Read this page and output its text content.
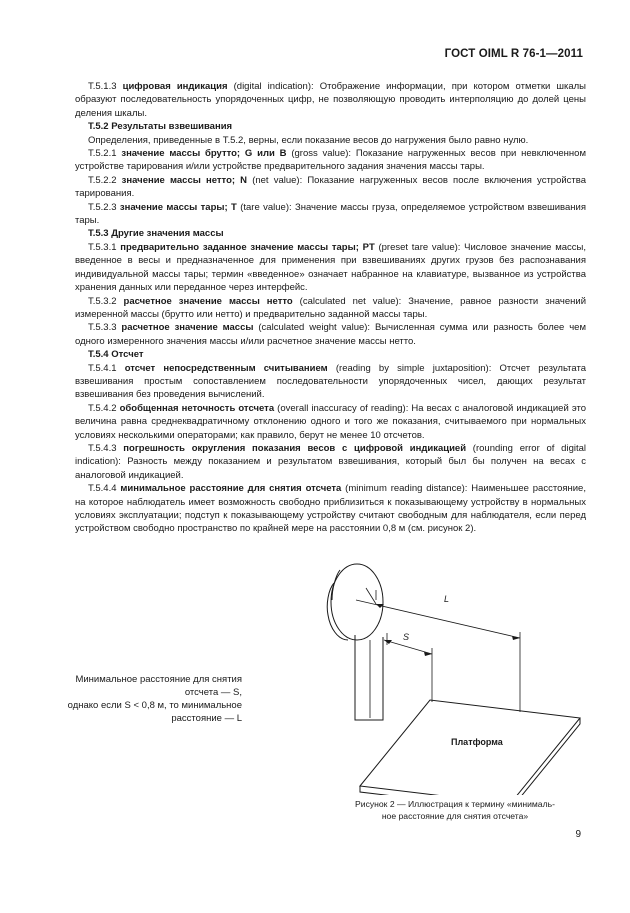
ГОСТ OIML R 76-1—2011

T.5.1.3 цифровая индикация (digital indication): Отображение информации, при котором отметки шкалы образуют последовательность упорядоченных цифр, не позволяющую проводить интерполяцию до долей цены деления шкалы.

T.5.2 Результаты взвешивания

Определения, приведенные в T.5.2, верны, если показание весов до нагружения было равно нулю.

T.5.2.1 значение массы брутто; G или B (gross value): Показание нагруженных весов при невключенном устройстве тарирования и/или устройстве предварительного задания значения массы тары.

T.5.2.2 значение массы нетто; N (net value): Показание нагруженных весов после включения устройства тарирования.

T.5.2.3 значение массы тары; T (tare value): Значение массы груза, определяемое устройством взвешивания тары.

T.5.3 Другие значения массы

T.5.3.1 предварительно заданное значение массы тары; PT (preset tare value): Числовое значение массы, введенное в весы и предназначенное для применения при взвешиваниях других грузов без распознавания индивидуальной массы тары; термин «введенное» означает набранное на клавиатуре, вызванное из устройства хранения данных или переданное через интерфейс.

T.5.3.2 расчетное значение массы нетто (calculated net value): Значение, равное разности значений измеренной массы (брутто или нетто) и предварительно заданной массы тары.

T.5.3.3 расчетное значение массы (calculated weight value): Вычисленная сумма или разность более чем одного измеренного значения массы и/или расчетное значение массы нетто.

T.5.4 Отсчет

T.5.4.1 отсчет непосредственным считыванием (reading by simple juxtaposition): Отсчет результата взвешивания простым сопоставлением последовательности упорядоченных чисел, дающих результат взвешивания без проведения вычислений.

T.5.4.2 обобщенная неточность отсчета (overall inaccuracy of reading): На весах с аналоговой индикацией это величина равна среднеквадратичному отклонению одного и того же показания, считываемого при нормальных условиях несколькими операторами; как правило, берут не менее 10 отсчетов.

T.5.4.3 погрешность округления показания весов с цифровой индикацией (rounding error of digital indication): Разность между показанием и результатом взвешивания, который был бы получен на весах с аналоговой индикацией.

T.5.4.4 минимальное расстояние для снятия отсчета (minimum reading distance): Наименьшее расстояние, на которое наблюдатель имеет возможность свободно приблизиться к показывающему устройству в нормальных условиях эксплуатации; подступ к показывающему устройству считают свободным для наблюдателя, если перед устройством свободно пространство по крайней мере на расстоянии 0,8 м (см. рисунок 2).

L
S
Платформа
Минимальное расстояние для снятия
отсчета — S,
однако если S < 0,8 м, то минимальное
расстояние — L
Рисунок 2 — Иллюстрация к термину «минималь-
ное расстояние для снятия отсчета»
9
